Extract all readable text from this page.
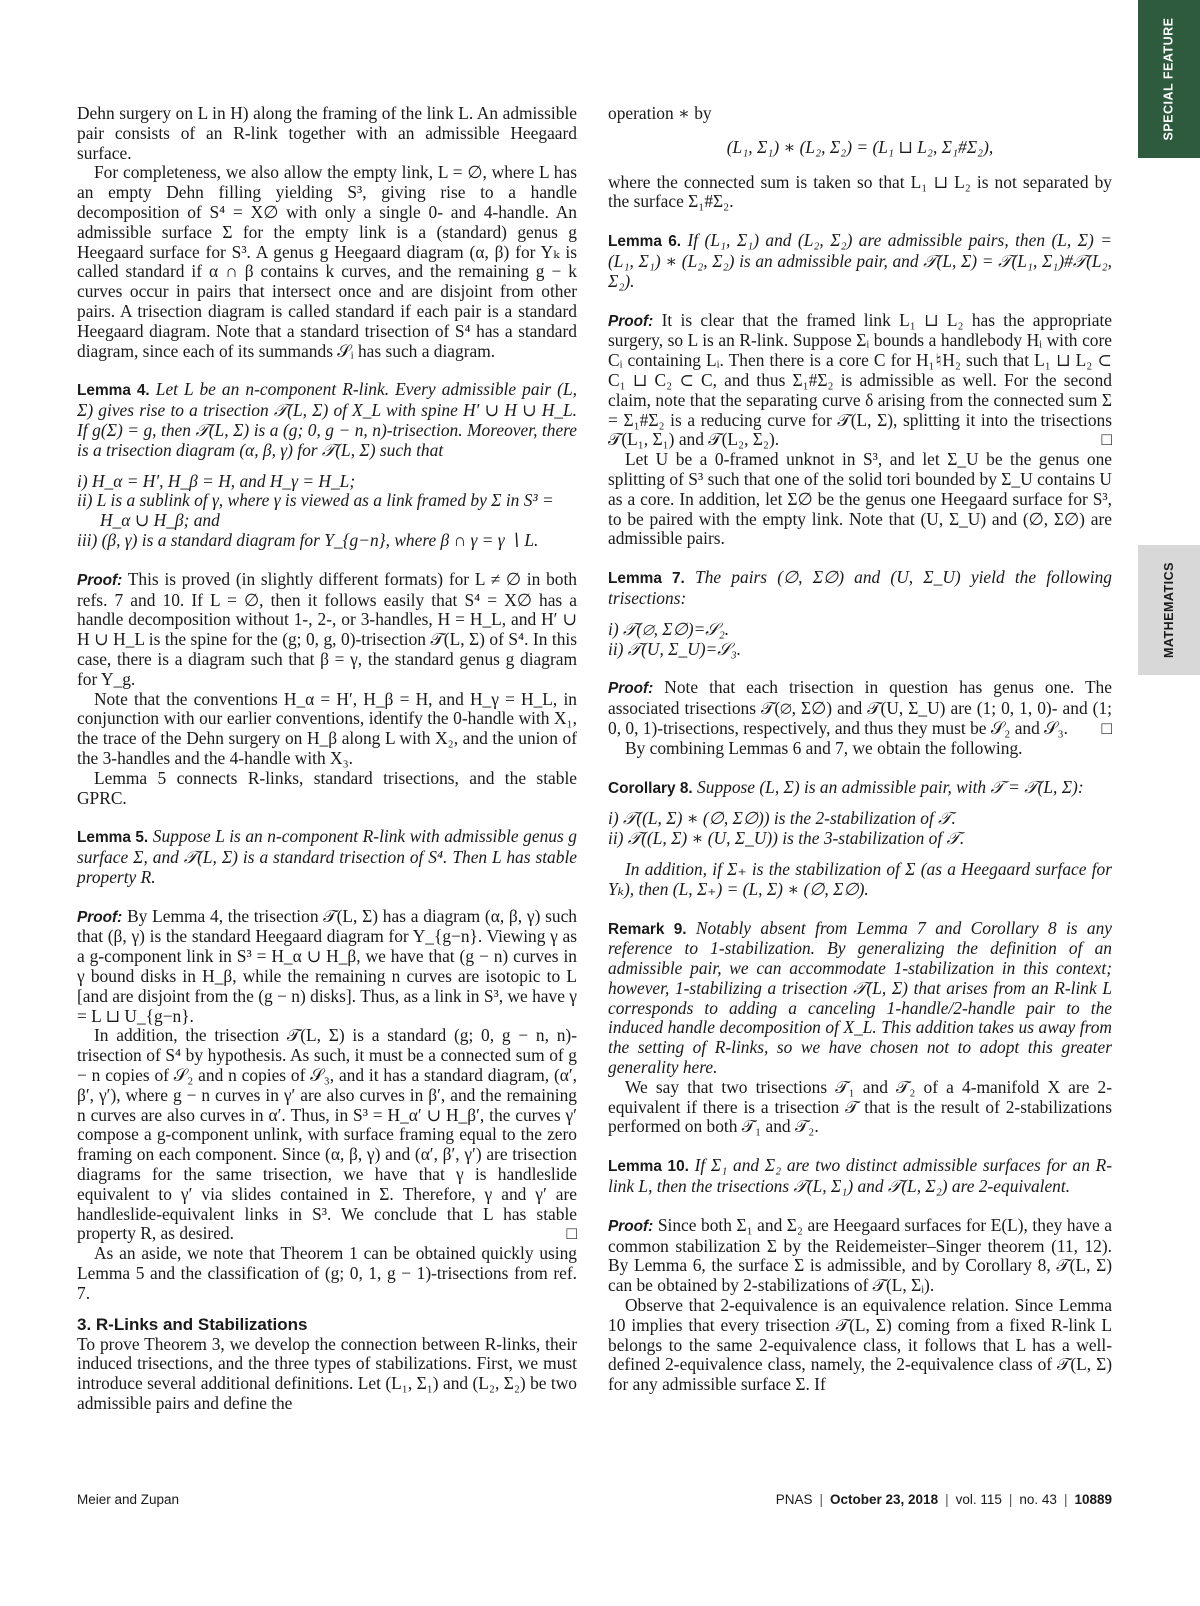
SPECIAL FEATURE
MATHEMATICS

Dehn surgery on L in H) along the framing of the link L. An admissible pair consists of an R-link together with an admissible Heegaard surface.

For completeness, we also allow the empty link, L = ∅, where L has an empty Dehn filling yielding S³, giving rise to a handle decomposition of S⁴ = X∅ with only a single 0- and 4-handle. An admissible surface Σ for the empty link is a (standard) genus g Heegaard surface for S³. A genus g Heegaard diagram (α, β) for Yₖ is called standard if α ∩ β contains k curves, and the remaining g − k curves occur in pairs that intersect once and are disjoint from other pairs. A trisection diagram is called standard if each pair is a standard Heegaard diagram. Note that a standard trisection of S⁴ has a standard diagram, since each of its summands 𝒮ᵢ has such a diagram.

Lemma 4. Let L be an n-component R-link. Every admissible pair (L, Σ) gives rise to a trisection 𝒯(L, Σ) of X_L with spine H′ ∪ H ∪ H_L. If g(Σ) = g, then 𝒯(L, Σ) is a (g; 0, g − n, n)-trisection. Moreover, there is a trisection diagram (α, β, γ) for 𝒯(L, Σ) such that

i) H_α = H′, H_β = H, and H_γ = H_L;

ii) L is a sublink of γ, where γ is viewed as a link framed by Σ in S³ = H_α ∪ H_β; and

iii) (β, γ) is a standard diagram for Y_{g−n}, where β ∩ γ = γ ∖ L.

Proof: This is proved (in slightly different formats) for L ≠ ∅ in both refs. 7 and 10. If L = ∅, then it follows easily that S⁴ = X∅ has a handle decomposition without 1-, 2-, or 3-handles, H = H_L, and H′ ∪ H ∪ H_L is the spine for the (g; 0, g, 0)-trisection 𝒯(L, Σ) of S⁴. In this case, there is a diagram such that β = γ, the standard genus g diagram for Y_g.

Note that the conventions H_α = H′, H_β = H, and H_γ = H_L, in conjunction with our earlier conventions, identify the 0-handle with X₁, the trace of the Dehn surgery on H_β along L with X₂, and the union of the 3-handles and the 4-handle with X₃.

Lemma 5 connects R-links, standard trisections, and the stable GPRC.

Lemma 5. Suppose L is an n-component R-link with admissible genus g surface Σ, and 𝒯(L, Σ) is a standard trisection of S⁴. Then L has stable property R.

Proof: By Lemma 4, the trisection 𝒯(L, Σ) has a diagram (α, β, γ) such that (β, γ) is the standard Heegaard diagram for Y_{g−n}. Viewing γ as a g-component link in S³ = H_α ∪ H_β, we have that (g − n) curves in γ bound disks in H_β, while the remaining n curves are isotopic to L [and are disjoint from the (g − n) disks]. Thus, as a link in S³, we have γ = L ⊔ U_{g−n}.

In addition, the trisection 𝒯(L, Σ) is a standard (g; 0, g − n, n)-trisection of S⁴ by hypothesis. As such, it must be a connected sum of g − n copies of 𝒮₂ and n copies of 𝒮₃, and it has a standard diagram, (α′, β′, γ′), where g − n curves in γ′ are also curves in β′, and the remaining n curves are also curves in α′. Thus, in S³ = H_α′ ∪ H_β′, the curves γ′ compose a g-component unlink, with surface framing equal to the zero framing on each component. Since (α, β, γ) and (α′, β′, γ′) are trisection diagrams for the same trisection, we have that γ is handleslide equivalent to γ′ via slides contained in Σ. Therefore, γ and γ′ are handleslide-equivalent links in S³. We conclude that L has stable property R, as desired.	□

As an aside, we note that Theorem 1 can be obtained quickly using Lemma 5 and the classification of (g; 0, 1, g − 1)-trisections from ref. 7.

3. R-Links and Stabilizations

To prove Theorem 3, we develop the connection between R-links, their induced trisections, and the three types of stabilizations. First, we must introduce several additional definitions. Let (L₁, Σ₁) and (L₂, Σ₂) be two admissible pairs and define the

operation ∗ by

(L₁, Σ₁) ∗ (L₂, Σ₂) = (L₁ ⊔ L₂, Σ₁#Σ₂),

where the connected sum is taken so that L₁ ⊔ L₂ is not separated by the surface Σ₁#Σ₂.

Lemma 6. If (L₁, Σ₁) and (L₂, Σ₂) are admissible pairs, then (L, Σ) = (L₁, Σ₁) ∗ (L₂, Σ₂) is an admissible pair, and 𝒯(L, Σ) = 𝒯(L₁, Σ₁)#𝒯(L₂, Σ₂).

Proof: It is clear that the framed link L₁ ⊔ L₂ has the appropriate surgery, so L is an R-link. Suppose Σᵢ bounds a handlebody Hᵢ with core Cᵢ containing Lᵢ. Then there is a core C for H₁♮H₂ such that L₁ ⊔ L₂ ⊂ C₁ ⊔ C₂ ⊂ C, and thus Σ₁#Σ₂ is admissible as well. For the second claim, note that the separating curve δ arising from the connected sum Σ = Σ₁#Σ₂ is a reducing curve for 𝒯(L, Σ), splitting it into the trisections 𝒯(L₁, Σ₁) and 𝒯(L₂, Σ₂).	□

Let U be a 0-framed unknot in S³, and let Σ_U be the genus one splitting of S³ such that one of the solid tori bounded by Σ_U contains U as a core. In addition, let Σ∅ be the genus one Heegaard surface for S³, to be paired with the empty link. Note that (U, Σ_U) and (∅, Σ∅) are admissible pairs.

Lemma 7. The pairs (∅, Σ∅) and (U, Σ_U) yield the following trisections:

i) 𝒯(∅, Σ∅)=𝒮₂.

ii) 𝒯(U, Σ_U)=𝒮₃.

Proof: Note that each trisection in question has genus one. The associated trisections 𝒯(∅, Σ∅) and 𝒯(U, Σ_U) are (1; 0, 1, 0)- and (1; 0, 0, 1)-trisections, respectively, and thus they must be 𝒮₂ and 𝒮₃. □

By combining Lemmas 6 and 7, we obtain the following.

Corollary 8. Suppose (L, Σ) is an admissible pair, with 𝒯 = 𝒯(L, Σ):

i) 𝒯((L, Σ) ∗ (∅, Σ∅)) is the 2-stabilization of 𝒯.

ii) 𝒯((L, Σ) ∗ (U, Σ_U)) is the 3-stabilization of 𝒯.

In addition, if Σ₊ is the stabilization of Σ (as a Heegaard surface for Yₖ), then (L, Σ₊) = (L, Σ) ∗ (∅, Σ∅).

Remark 9. Notably absent from Lemma 7 and Corollary 8 is any reference to 1-stabilization. By generalizing the definition of an admissible pair, we can accommodate 1-stabilization in this context; however, 1-stabilizing a trisection 𝒯(L, Σ) that arises from an R-link L corresponds to adding a canceling 1-handle/2-handle pair to the induced handle decomposition of X_L. This addition takes us away from the setting of R-links, so we have chosen not to adopt this greater generality here.

We say that two trisections 𝒯₁ and 𝒯₂ of a 4-manifold X are 2-equivalent if there is a trisection 𝒯 that is the result of 2-stabilizations performed on both 𝒯₁ and 𝒯₂.

Lemma 10. If Σ₁ and Σ₂ are two distinct admissible surfaces for an R-link L, then the trisections 𝒯(L, Σ₁) and 𝒯(L, Σ₂) are 2-equivalent.

Proof: Since both Σ₁ and Σ₂ are Heegaard surfaces for E(L), they have a common stabilization Σ by the Reidemeister–Singer theorem (11, 12). By Lemma 6, the surface Σ is admissible, and by Corollary 8, 𝒯(L, Σ) can be obtained by 2-stabilizations of 𝒯(L, Σᵢ).

Observe that 2-equivalence is an equivalence relation. Since Lemma 10 implies that every trisection 𝒯(L, Σ) coming from a fixed R-link L belongs to the same 2-equivalence class, it follows that L has a well-defined 2-equivalence class, namely, the 2-equivalence class of 𝒯(L, Σ) for any admissible surface Σ. If

Meier and Zupan	PNAS | October 23, 2018 | vol. 115 | no. 43 | 10889
